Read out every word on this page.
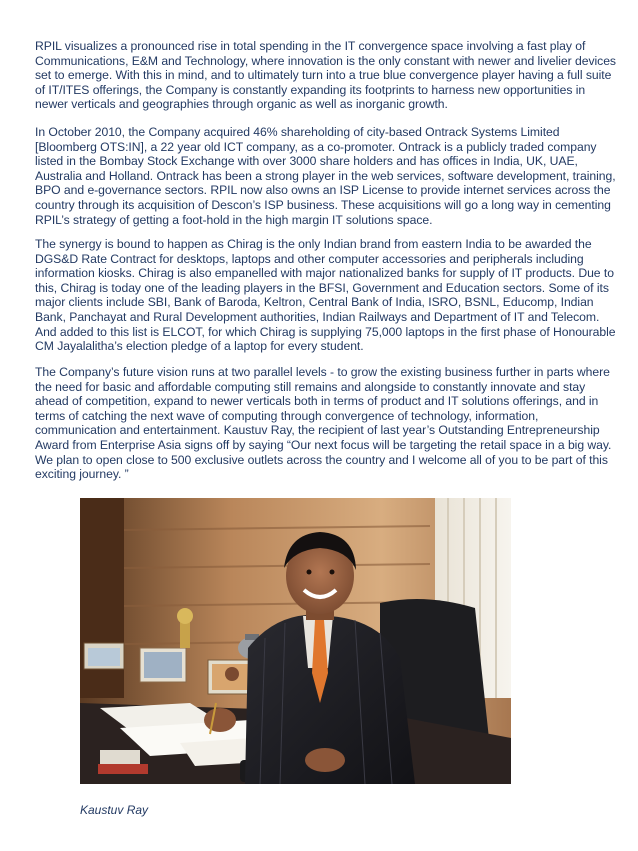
RPIL visualizes a pronounced rise in total spending in the IT convergence space involving a fast play of Communications, E&M and Technology, where innovation is the only constant with newer and livelier devices set to emerge. With this in mind, and to ultimately turn into a true blue convergence player having a full suite of IT/ITES offerings, the Company is constantly expanding its footprints to harness new opportunities in newer verticals and geographies through organic as well as inorganic growth.

In October 2010, the Company acquired 46% shareholding of city-based Ontrack Systems Limited [Bloomberg OTS:IN], a 22 year old ICT company, as a co-promoter. Ontrack is a publicly traded company listed in the Bombay Stock Exchange with over 3000 share holders and has offices in India, UK, UAE, Australia and Holland. Ontrack has been a strong player in the web services, software development, training, BPO and e-governance sectors. RPIL now also owns an ISP License to provide internet services across the country through its acquisition of Descon’s ISP business. These acquisitions will go a long way in cementing RPIL’s strategy of getting a foot-hold in the high margin IT solutions space.

The synergy is bound to happen as Chirag is the only Indian brand from eastern India to be awarded the DGS&D Rate Contract for desktops, laptops and other computer accessories and peripherals including information kiosks. Chirag is also empanelled with major nationalized banks for supply of IT products. Due to this, Chirag is today one of the leading players in the BFSI, Government and Education sectors. Some of its major clients include SBI, Bank of Baroda, Keltron, Central Bank of India, ISRO, BSNL, Educomp, Indian Bank, Panchayat and Rural Development authorities, Indian Railways and Department of IT and Telecom. And added to this list is ELCOT, for which Chirag is supplying 75,000 laptops in the first phase of Honourable CM Jayalalitha’s election pledge of a laptop for every student.

The Company’s future vision runs at two parallel levels - to grow the existing business further in parts where the need for basic and affordable computing still remains and alongside to constantly innovate and stay ahead of competition, expand to newer verticals both in terms of product and IT solutions offerings, and in terms of catching the next wave of computing through convergence of technology, information, communication and entertainment. Kaustuv Ray, the recipient of last year’s Outstanding Entrepreneurship Award from Enterprise Asia signs off by saying “Our next focus will be targeting the retail space in a big way. We plan to open close to 500 exclusive outlets across the country and I welcome all of you to be part of this exciting journey. ”

Kaustuv Ray
